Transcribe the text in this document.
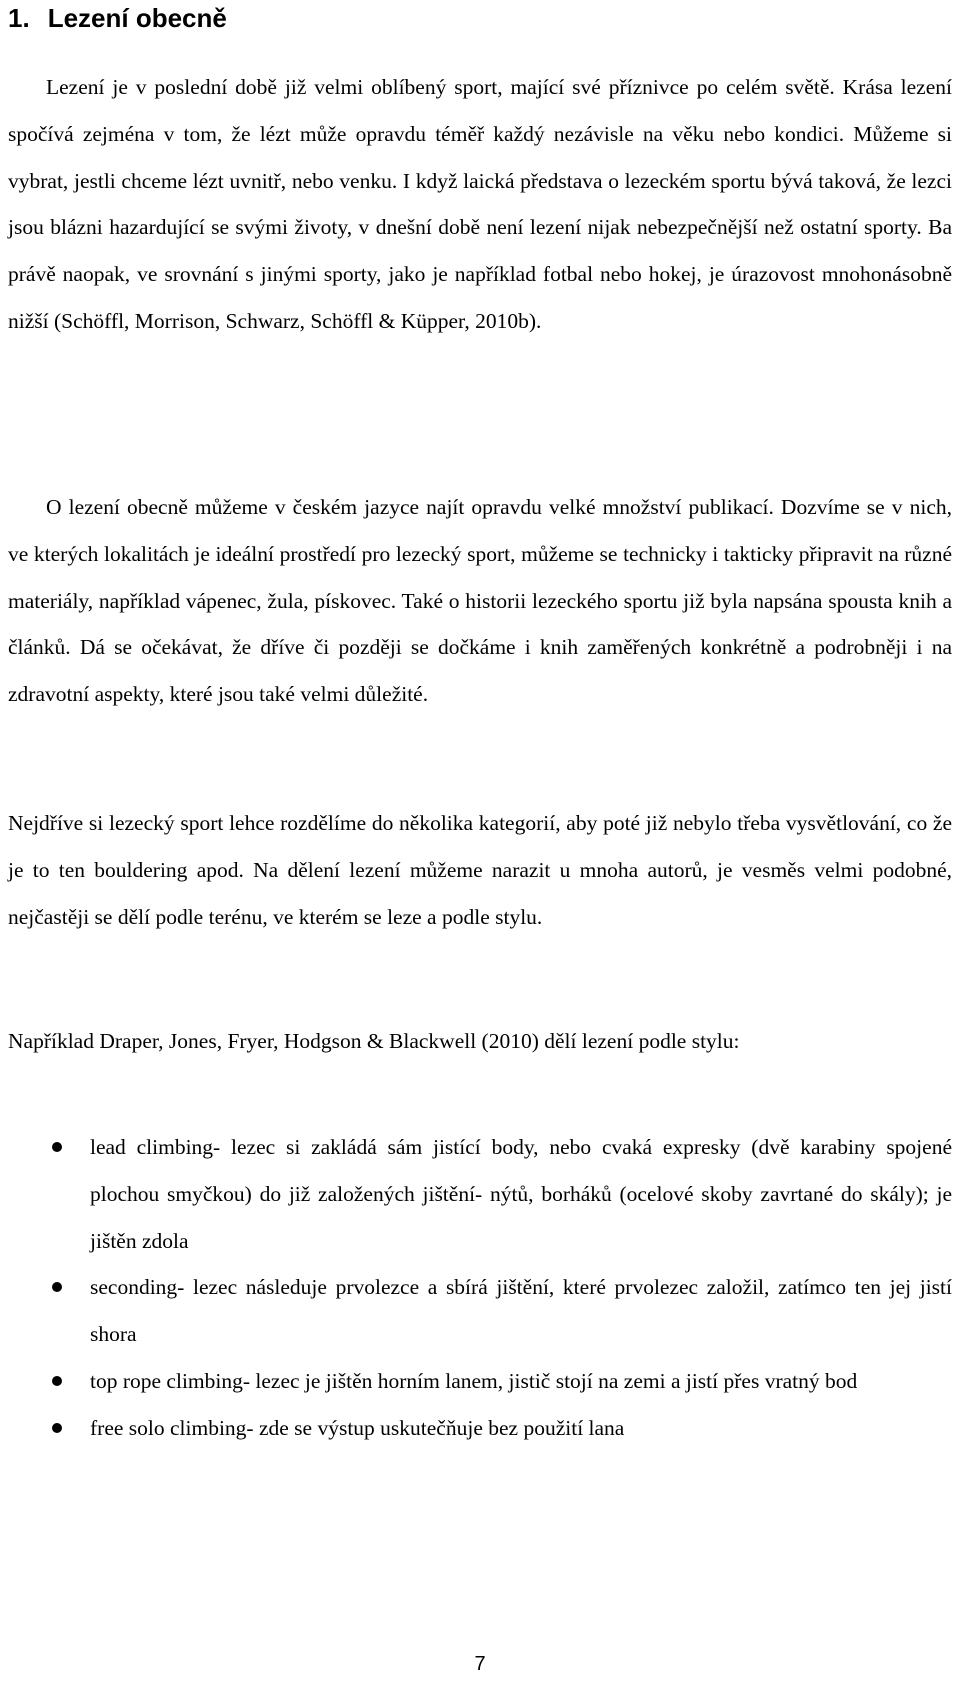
1. Lezení obecně

Lezení je v poslední době již velmi oblíbený sport, mající své příznivce po celém světě. Krása lezení spočívá zejména v tom, že lézt může opravdu téměř každý nezávisle na věku nebo kondici. Můžeme si vybrat, jestli chceme lézt uvnitř, nebo venku. I když laická představa o lezeckém sportu bývá taková, že lezci jsou blázni hazardující se svými životy, v dnešní době není lezení nijak nebezpečnější než ostatní sporty. Ba právě naopak, ve srovnání s jinými sporty, jako je například fotbal nebo hokej, je úrazovost mnohonásobně nižší (Schöffl, Morrison, Schwarz, Schöffl & Küpper, 2010b).

O lezení obecně můžeme v českém jazyce najít opravdu velké množství publikací. Dozvíme se v nich, ve kterých lokalitách je ideální prostředí pro lezecký sport, můžeme se technicky i takticky připravit na různé materiály, například vápenec, žula, pískovec. Také o historii lezeckého sportu již byla napsána spousta knih a článků. Dá se očekávat, že dříve či později se dočkáme i knih zaměřených konkrétně a podrobněji i na zdravotní aspekty, které jsou také velmi důležité.

Nejdříve si lezecký sport lehce rozdělíme do několika kategorií, aby poté již nebylo třeba vysvětlování, co že je to ten bouldering apod. Na dělení lezení můžeme narazit u mnoha autorů, je vesměs velmi podobné, nejčastěji se dělí podle terénu, ve kterém se leze a podle stylu.

Například Draper, Jones, Fryer, Hodgson & Blackwell (2010) dělí lezení podle stylu:

lead climbing- lezec si zakládá sám jistící body, nebo cvaká expresky (dvě karabiny spojené plochou smyčkou) do již založených jištění- nýtů, borháků (ocelové skoby zavrtané do skály); je jištěn zdola
seconding- lezec následuje prvolezce a sbírá jištění, které prvolezec založil, zatímco ten jej jistí shora
top rope climbing- lezec je jištěn horním lanem, jistič stojí na zemi a jistí přes vratný bod
free solo climbing- zde se výstup uskutečňuje bez použití lana
7
